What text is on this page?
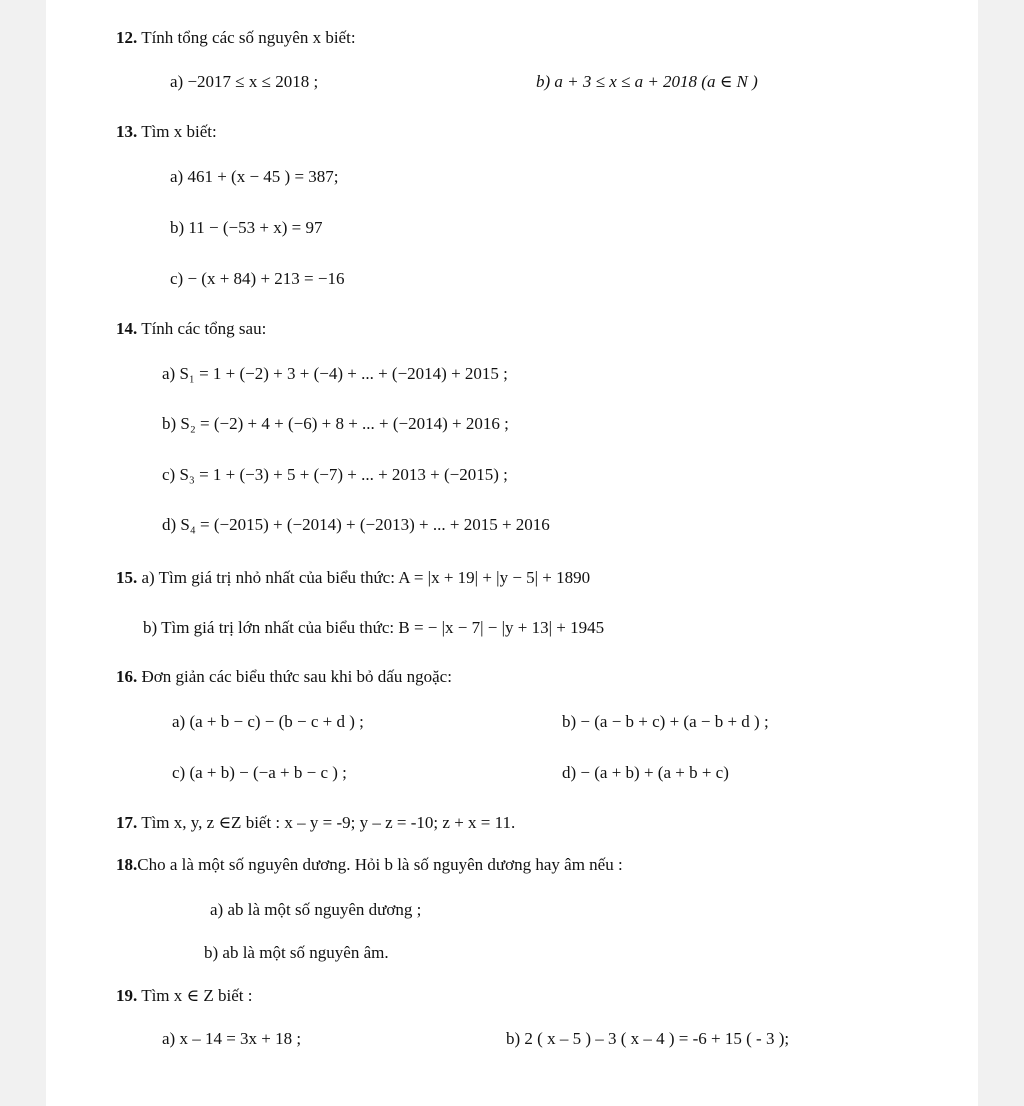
12. Tính tổng các số nguyên x biết:
a) −2017 ≤ x ≤ 2018 ;	b) a + 3 ≤ x ≤ a + 2018 (a ∈ N )
13. Tìm x biết:
a) 461 + (x − 45 ) = 387;
b) 11 − (−53 + x) = 97
c) − (x + 84) + 213 = −16
14. Tính các tổng sau:
a) S₁ = 1 + (−2) + 3 + (−4) + ... + (−2014) + 2015 ;
b) S₂ = (−2) + 4 + (−6) + 8 + ... + (−2014) + 2016 ;
c) S₃ = 1 + (−3) + 5 + (−7) + ... + 2013 + (−2015) ;
d) S₄ = (−2015) + (−2014) + (−2013) + ... + 2015 + 2016
15. a) Tìm giá trị nhỏ nhất của biểu thức: A = |x + 19| + |y − 5| + 1890
b) Tìm giá trị lớn nhất của biểu thức: B = − |x − 7| − |y + 13| + 1945
16. Đơn giản các biểu thức sau khi bỏ dấu ngoặc:
a) (a + b − c) − (b − c + d ) ;	b) − (a − b + c) + (a − b + d ) ;
c) (a + b) − (−a + b − c ) ;	d) − (a + b) + (a + b + c)
17. Tìm x, y, z ∈Z biết : x – y = -9; y – z = -10; z + x = 11.
18.Cho a là một số nguyên dương. Hỏi b là số nguyên dương hay âm nếu :
a) ab là một số nguyên dương ;
b) ab là một số nguyên âm.
19. Tìm x ∈ Z biết :
a) x – 14 = 3x + 18 ;	b) 2 ( x – 5 ) – 3 ( x – 4 ) = -6 + 15 ( - 3 );
